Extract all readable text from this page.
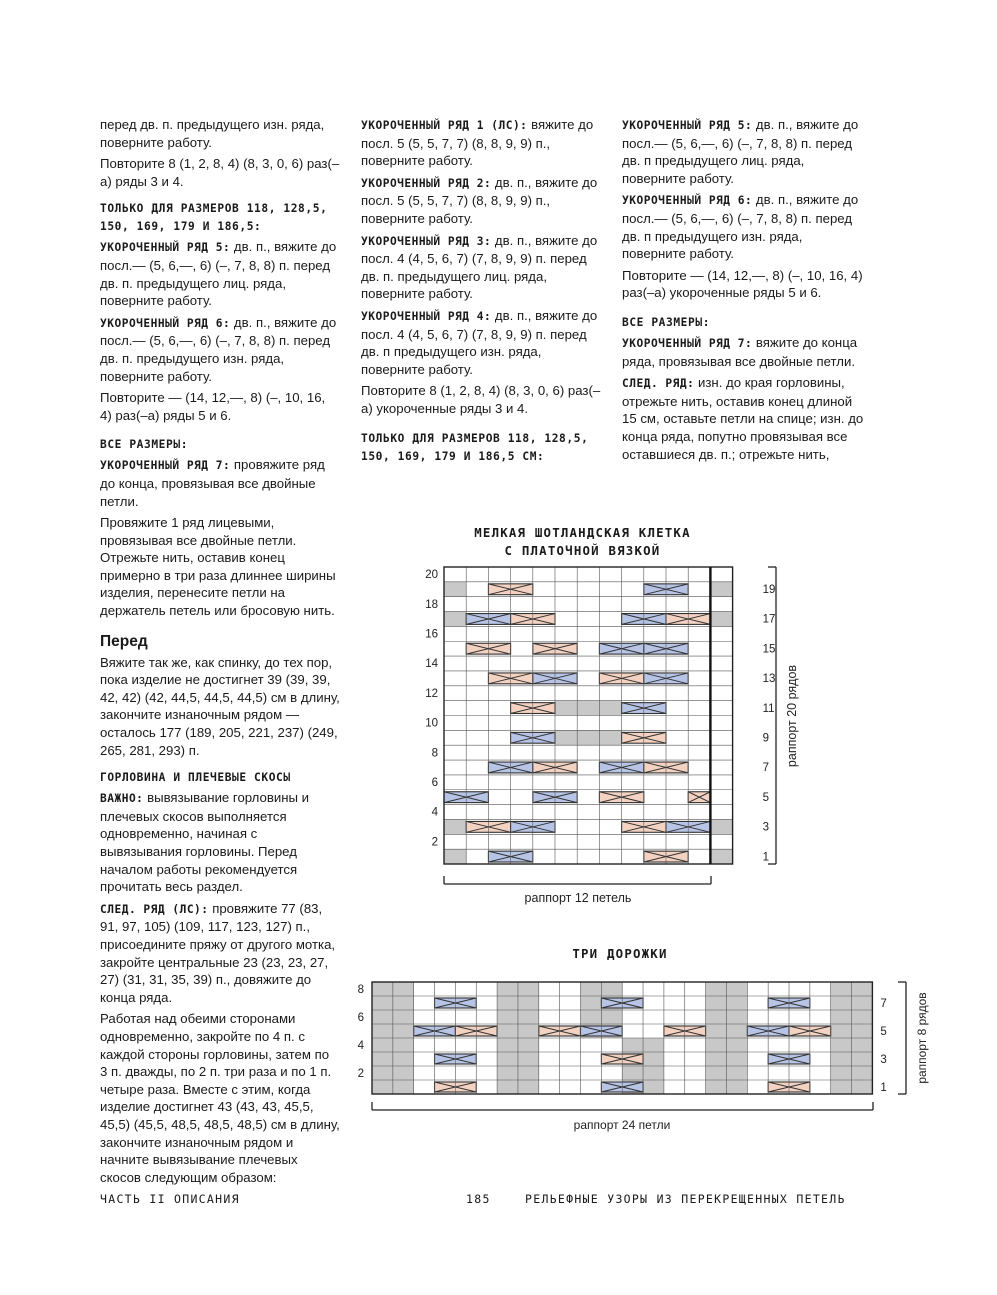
перед дв. п. предыдущего изн. ряда, поверните работу.

Повторите 8 (1, 2, 8, 4) (8, 3, 0, 6) раз(–а) ряды 3 и 4.

ТОЛЬКО ДЛЯ РАЗМЕРОВ 118, 128,5, 150, 169, 179 И 186,5:

УКОРОЧЕННЫЙ РЯД 5: дв. п., вяжите до посл.— (5, 6,—, 6) (–, 7, 8, 8) п. перед дв. п. предыдущего лиц. ряда, поверните работу.

УКОРОЧЕННЫЙ РЯД 6: дв. п., вяжите до посл.— (5, 6,—, 6) (–, 7, 8, 8) п. перед дв. п. предыдущего изн. ряда, поверните работу.

Повторите — (14, 12,—, 8) (–, 10, 16, 4) раз(–а) ряды 5 и 6.

ВСЕ РАЗМЕРЫ:

УКОРОЧЕННЫЙ РЯД 7: провяжите ряд до конца, провязывая все двойные петли.

Провяжите 1 ряд лицевыми, провязывая все двойные петли. Отрежьте нить, оставив конец примерно в три раза длиннее ширины изделия, перенесите петли на держатель петель или бросовую нить.

Перед

Вяжите так же, как спинку, до тех пор, пока изделие не достигнет 39 (39, 39, 42, 42) (42, 44,5, 44,5, 44,5) см в длину, закончите изнаночным рядом — осталось 177 (189, 205, 221, 237) (249, 265, 281, 293) п.

ГОРЛОВИНА И ПЛЕЧЕВЫЕ СКОСЫ

ВАЖНО: вывязывание горловины и плечевых скосов выполняется одновременно, начиная с вывязывания горловины. Перед началом работы рекомендуется прочитать весь раздел.

СЛЕД. РЯД (ЛС): провяжите 77 (83, 91, 97, 105) (109, 117, 123, 127) п., присоедините пряжу от другого мотка, закройте центральные 23 (23, 23, 27, 27) (31, 31, 35, 39) п., довяжите до конца ряда.

Работая над обеими сторонами одновременно, закройте по 4 п. с каждой стороны горловины, затем по 3 п. дважды, по 2 п. три раза и по 1 п. четыре раза. Вместе с этим, когда изделие достигнет 43 (43, 43, 45,5, 45,5) (45,5, 48,5, 48,5, 48,5) см в длину, закончите изнаночным рядом и начните вывязывание плечевых скосов следующим образом:

УКОРОЧЕННЫЙ РЯД 1 (ЛС): вяжите до посл. 5 (5, 5, 7, 7) (8, 8, 9, 9) п., поверните работу.

УКОРОЧЕННЫЙ РЯД 2: дв. п., вяжите до посл. 5 (5, 5, 7, 7) (8, 8, 9, 9) п., поверните работу.

УКОРОЧЕННЫЙ РЯД 3: дв. п., вяжите до посл. 4 (4, 5, 6, 7) (7, 8, 9, 9) п. перед дв. п. предыдущего лиц. ряда, поверните работу.

УКОРОЧЕННЫЙ РЯД 4: дв. п., вяжите до посл. 4 (4, 5, 6, 7) (7, 8, 9, 9) п. перед дв. п предыдущего изн. ряда, поверните работу.

Повторите 8 (1, 2, 8, 4) (8, 3, 0, 6) раз(–а) укороченные ряды 3 и 4.

ТОЛЬКО ДЛЯ РАЗМЕРОВ 118, 128,5, 150, 169, 179 И 186,5 СМ:

УКОРОЧЕННЫЙ РЯД 5: дв. п., вяжите до посл.— (5, 6,—, 6) (–, 7, 8, 8) п. перед дв. п предыдущего лиц. ряда, поверните работу.

УКОРОЧЕННЫЙ РЯД 6: дв. п., вяжите до посл.— (5, 6,—, 6) (–, 7, 8, 8) п. перед дв. п предыдущего изн. ряда, поверните работу.

Повторите — (14, 12,—, 8) (–, 10, 16, 4) раз(–а) укороченные ряды 5 и 6.

ВСЕ РАЗМЕРЫ:

УКОРОЧЕННЫЙ РЯД 7: вяжите до конца ряда, провязывая все двойные петли.

СЛЕД. РЯД: изн. до края горловины, отрежьте нить, оставив конец длиной 15 см, оставьте петли на спице; изн. до конца ряда, попутно провязывая все оставшиеся дв. п.; отрежьте нить,

МЕЛКАЯ ШОТЛАНДСКАЯ КЛЕТКА
С ПЛАТОЧНОЙ ВЯЗКОЙ
20
18
16
14
12
10
8
6
4
2
19
17
15
13
11
9
7
5
3
1
раппорт 20 рядов
раппорт 12 петель
ТРИ ДОРОЖКИ
8
6
4
2
7
5
3
1
раппорт 8 рядов
раппорт 24 петли
ЧАСТЬ II ОПИСАНИЯ	185	РЕЛЬЕФНЫЕ УЗОРЫ ИЗ ПЕРЕКРЕЩЕННЫХ ПЕТЕЛЬ
